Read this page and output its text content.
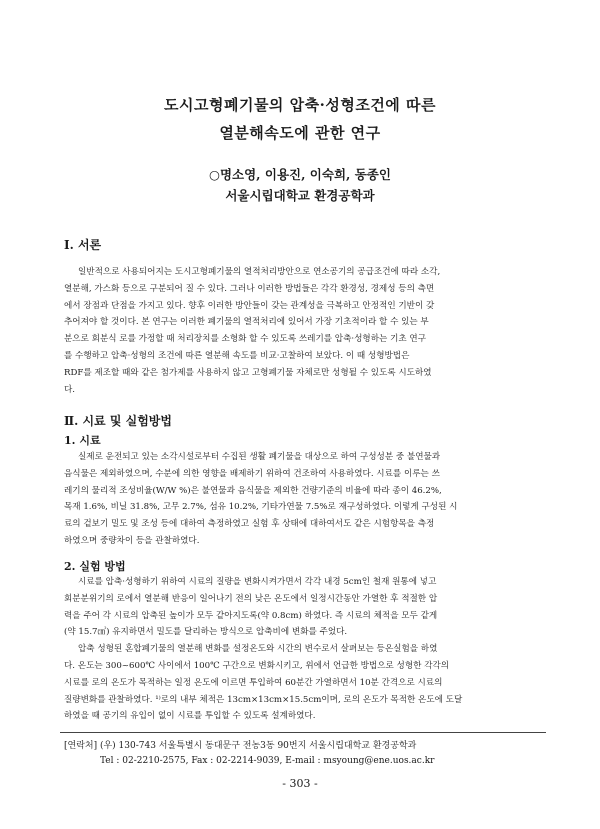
도시고형폐기물의 압축·성형조건에 따른
열분해속도에 관한 연구
○명소영, 이용진, 이숙희, 동종인
서울시립대학교 환경공학과
Ⅰ. 서론
일반적으로 사용되어지는 도시고형폐기물의 열적처리방안으로 연소공기의 공급조건에 따라 소각,
열분해, 가스화 등으로 구분되어 질 수 있다. 그러나 이러한 방법들은 각각 환경성, 경제성 등의 측면
에서 장점과 단점을 가지고 있다. 향후 이러한 방안들이 갖는 관계성을 극복하고 안정적인 기반이 갖
추어져야 할 것이다. 본 연구는 이러한 폐기물의 열적처리에 있어서 가장 기초적이라 할 수 있는 부
분으로 회분식 로를 가정할 때 처리장치를 소형화 할 수 있도록 쓰레기를 압축·성형하는 기초 연구
를 수행하고 압축·성형의 조건에 따른 열분해 속도를 비교·고찰하여 보았다. 이 때 성형방법은
RDF를 제조할 때와 같은 첨가제를 사용하지 않고 고형폐기물 자체로만 성형될 수 있도록 시도하였
다.
Ⅱ. 시료 및 실험방법
1. 시료
실제로 운전되고 있는 소각시설로부터 수집된 생활 폐기물을 대상으로 하여 구성성분 중 불연물과
음식물은 제외하였으며, 수분에 의한 영향을 배제하기 위하여 건조하여 사용하였다. 시료를 이루는 쓰
레기의 물리적 조성비율(W/W %)은 불연물과 음식물을 제외한 건량기준의 비율에 따라 종이 46.2%,
목재 1.6%, 비닐 31.8%, 고무 2.7%, 섬유 10.2%, 기타가연물 7.5%로 재구성하였다. 이렇게 구성된 시
료의 겉보기 밀도 및 조성 등에 대하여 측정하였고 실험 후 상태에 대하여서도 같은 시험항목을 측정
하였으며 중량차이 등을 관찰하였다.
2. 실험 방법
시료를 압축·성형하기 위하여 시료의 질량을 변화시켜가면서 각각 내경 5cm인 철재 원통에 넣고
회분분위기의 로에서 열분해 반응이 일어나기 전의 낮은 온도에서 일정시간동안 가열한 후 적절한 압
력을 주어 각 시료의 압축된 높이가 모두 같아지도록(약 0.8cm) 하였다. 즉 시료의 체적을 모두 같게
(약 15.7㎤) 유지하면서 밀도를 달리하는 방식으로 압축비에 변화를 주었다.
압축 성형된 혼합폐기물의 열분해 변화를 설정온도와 시간의 변수로서 살펴보는 등온실험을 하였
다. 온도는 300~600℃ 사이에서 100℃ 구간으로 변화시키고, 위에서 언급한 방법으로 성형한 각각의
시료를 로의 온도가 목적하는 일정 온도에 이르면 투입하여 60분간 가열하면서 10분 간격으로 시료의
질량변화를 관찰하였다. ¹⁾로의 내부 체적은 13cm×13cm×15.5cm이며, 로의 온도가 목적한 온도에 도달
하였을 때 공기의 유입이 없이 시료를 투입할 수 있도록 설계하였다.
[연락처] (우) 130-743 서울특별시 동대문구 전농3동 90번지 서울시립대학교 환경공학과
Tel : 02-2210-2575, Fax : 02-2214-9039, E-mail : msyoung@ene.uos.ac.kr
- 303 -
